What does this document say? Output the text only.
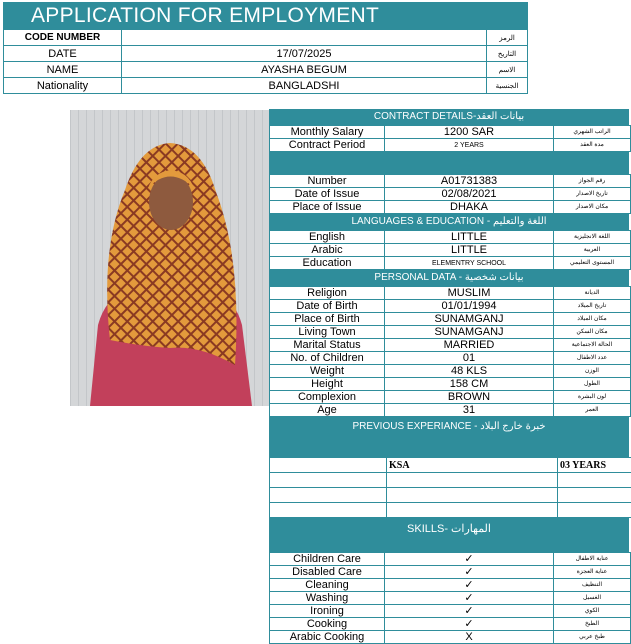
APPLICATION FOR EMPLOYMENT
CODE NUMBER		الرمز
DATE	17/07/2025	التاريخ
NAME	AYASHA BEGUM	الاسم
Nationality	BANGLADSHI	الجنسية
CONTRACT DETAILS-بيانات العقد
Monthly Salary	1200 SAR	الراتب الشهري
Contract Period	2 YEARS	مدة العقد
Number	A01731383	رقم الجواز
Date of Issue	02/08/2021	تاريخ الاصدار
Place of Issue	DHAKA	مكان الاصدار
LANGUAGES & EDUCATION - اللغة والتعليم
English	LITTLE	اللغة الانجليزية
Arabic	LITTLE	العربية
Education	ELEMENTRY SCHOOL	المستوى التعليمي
PERSONAL DATA - بيانات شخصية
Religion	MUSLIM	الديانة
Date of Birth	01/01/1994	تاريخ الميلاد
Place of Birth	SUNAMGANJ	مكان الميلاد
Living Town	SUNAMGANJ	مكان السكن
Marital Status	MARRIED	الحالة الاجتماعية
No. of Children	01	عدد الاطفال
Weight	48 KLS	الوزن
Height	158 CM	الطول
Complexion	BROWN	لون البشرة
Age	31	العمر
PREVIOUS EXPERIANCE - خبرة خارج البلاد
	KSA	03 YEARS

SKILLS- المهارات
Children Care	✓	عناية الاطفال
Disabled Care	✓	عناية العجزة
Cleaning	✓	التنظيف
Washing	✓	الغسيل
Ironing	✓	الكوي
Cooking	✓	الطبخ
Arabic Cooking	X	طبخ عربي
